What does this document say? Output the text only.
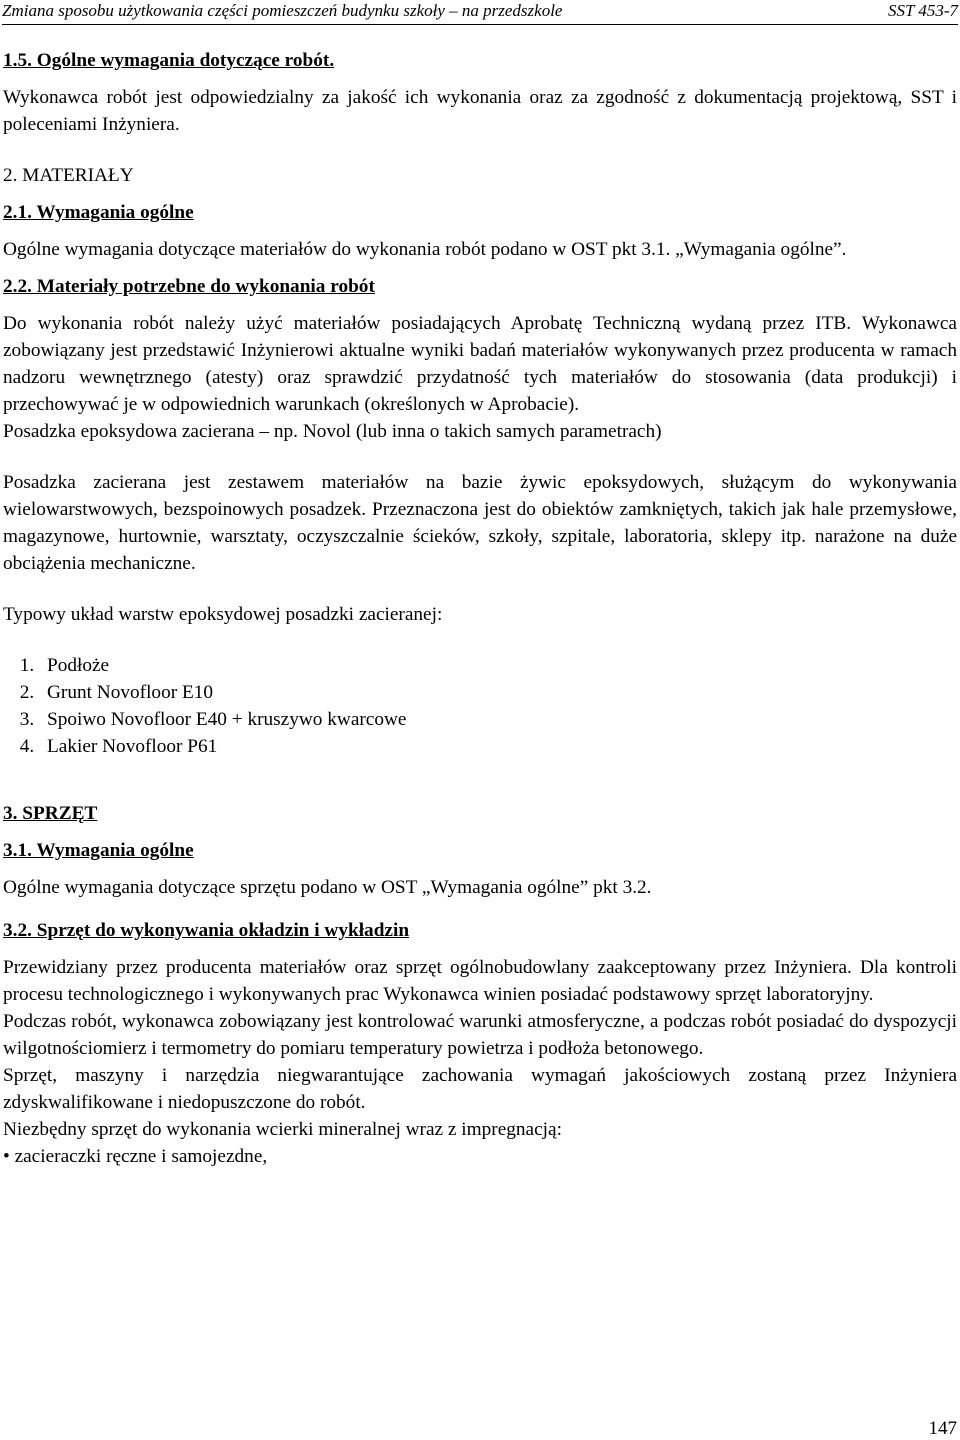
Zmiana sposobu użytkowania części pomieszczeń budynku szkoły – na przedszkole	SST 453-7

1.5. Ogólne wymagania dotyczące robót.

Wykonawca robót jest odpowiedzialny za jakość ich wykonania oraz za zgodność z dokumentacją projektową, SST i poleceniami Inżyniera.

2. MATERIAŁY

2.1. Wymagania ogólne

Ogólne wymagania dotyczące materiałów do wykonania robót podano w OST pkt 3.1. „Wymagania ogólne”.

2.2. Materiały potrzebne do wykonania robót

Do wykonania robót należy użyć materiałów posiadających Aprobatę Techniczną wydaną przez ITB. Wykonawca zobowiązany jest przedstawić Inżynierowi aktualne wyniki badań materiałów wykonywanych przez producenta w ramach nadzoru wewnętrznego (atesty) oraz sprawdzić przydatność tych materiałów do stosowania (data produkcji) i przechowywać je w odpowiednich warunkach (określonych w Aprobacie).

Posadzka epoksydowa zacierana – np. Novol (lub inna o takich samych parametrach)

Posadzka zacierana jest zestawem materiałów na bazie żywic epoksydowych, służącym do wykonywania wielowarstwowych, bezspoinowych posadzek. Przeznaczona jest do obiektów zamkniętych, takich jak hale przemysłowe, magazynowe, hurtownie, warsztaty, oczyszczalnie ścieków, szkoły, szpitale, laboratoria, sklepy itp. narażone na duże obciążenia mechaniczne.

Typowy układ warstw epoksydowej posadzki zacieranej:

1. Podłoże
2. Grunt Novofloor E10
3. Spoiwo Novofloor E40 + kruszywo kwarcowe
4. Lakier Novofloor P61

3. SPRZĘT

3.1. Wymagania ogólne

Ogólne wymagania dotyczące sprzętu podano w OST „Wymagania ogólne” pkt 3.2.

3.2. Sprzęt do wykonywania okładzin i wykładzin

Przewidziany przez producenta materiałów oraz sprzęt ogólnobudowlany zaakceptowany przez Inżyniera. Dla kontroli procesu technologicznego i wykonywanych prac Wykonawca winien posiadać podstawowy sprzęt laboratoryjny.

Podczas robót, wykonawca zobowiązany jest kontrolować warunki atmosferyczne, a podczas robót posiadać do dyspozycji wilgotnościomierz i termometry do pomiaru temperatury powietrza i podłoża betonowego.

Sprzęt, maszyny i narzędzia niegwarantujące zachowania wymagań jakościowych zostaną przez Inżyniera zdyskwalifikowane i niedopuszczone do robót.

Niezbędny sprzęt do wykonania wcierki mineralnej wraz z impregnacją:

• zacieraczki ręczne i samojezdne,

147
